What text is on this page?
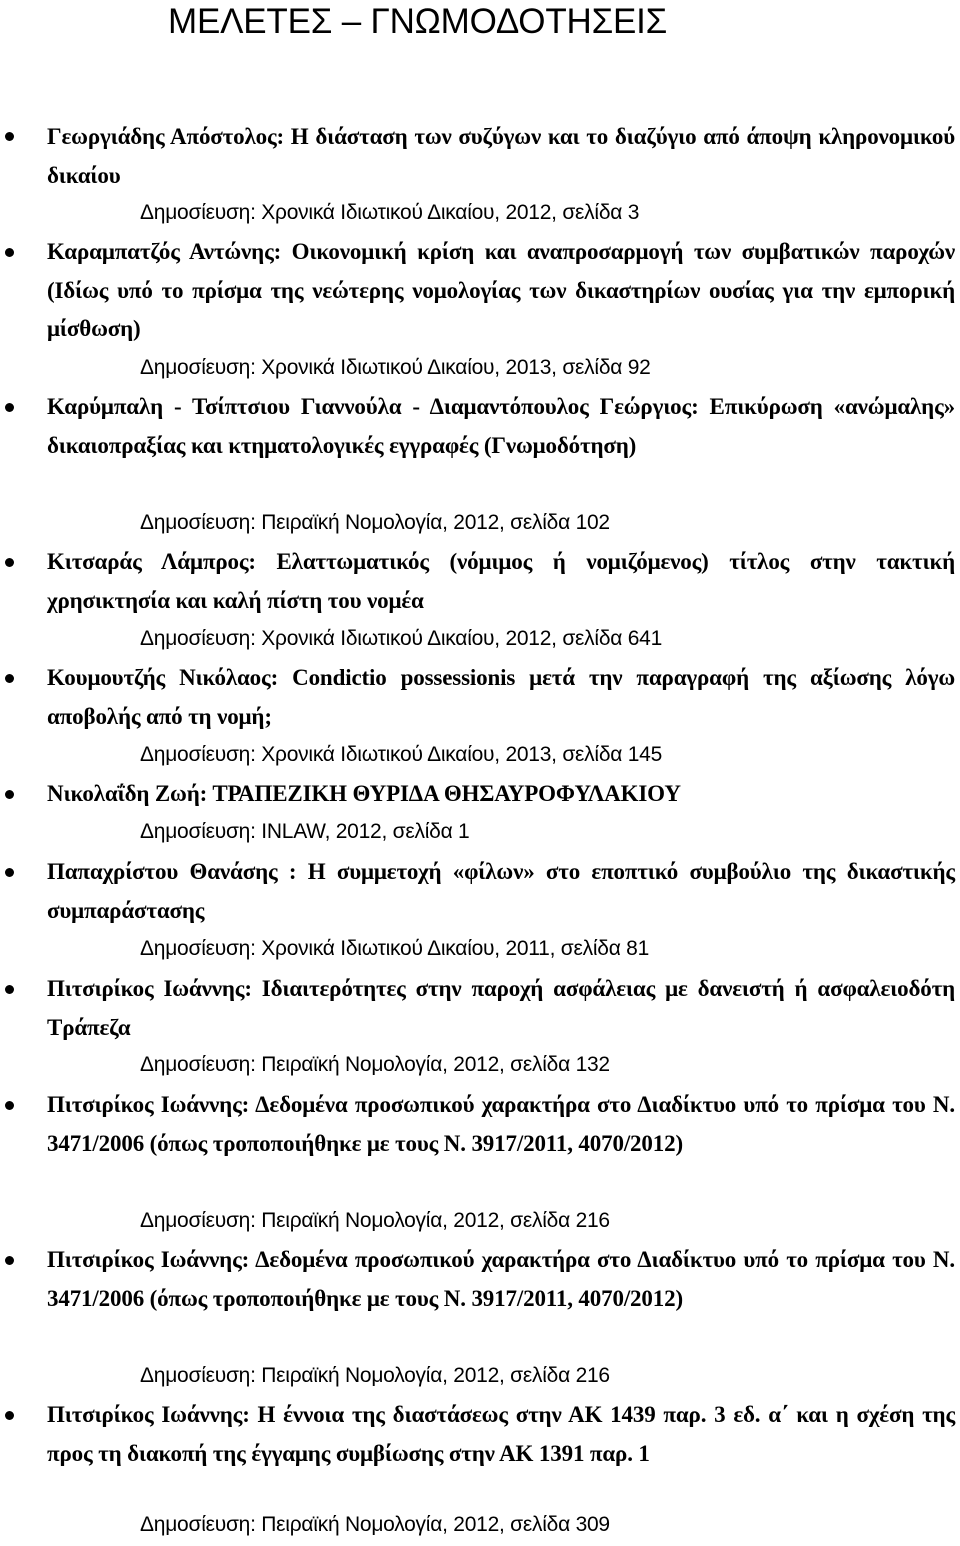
ΜΕΛΕΤΕΣ – ΓΝΩΜΟΔΟΤΗΣΕΙΣ

Γεωργιάδης Απόστολος: Η διάσταση των συζύγων και το διαζύγιο από άποψη κληρονομικού δικαίου

Δημοσίευση: Χρονικά Ιδιωτικού Δικαίου, 2012, σελίδα 3

Καραμπατζός Αντώνης: Οικονομική κρίση και αναπροσαρμογή των συμβατικών παροχών (Ιδίως υπό το πρίσμα της νεώτερης νομολογίας των δικαστηρίων ουσίας για την εμπορική μίσθωση)

Δημοσίευση: Χρονικά Ιδιωτικού Δικαίου, 2013, σελίδα 92

Καρύμπαλη - Τσίπτσιου Γιαννούλα - Διαμαντόπουλος Γεώργιος: Επικύρωση «ανώμαλης» δικαιοπραξίας και κτηματολογικές εγγραφές (Γνωμοδότηση)

Δημοσίευση: Πειραϊκή Νομολογία, 2012, σελίδα 102

Κιτσαράς Λάμπρος: Ελαττωματικός (νόμιμος ή νομιζόμενος) τίτλος στην τακτική χρησικτησία και καλή πίστη του νομέα

Δημοσίευση: Χρονικά Ιδιωτικού Δικαίου, 2012, σελίδα 641

Κουμουτζής Νικόλαος: Condictio possessionis μετά την παραγραφή της αξίωσης λόγω αποβολής από τη νομή;

Δημοσίευση: Χρονικά Ιδιωτικού Δικαίου, 2013, σελίδα 145

Νικολαΐδη Ζωή: ΤΡΑΠΕΖΙΚΗ ΘΥΡΙΔΑ ΘΗΣΑΥΡΟΦΥΛΑΚΙΟΥ

Δημοσίευση: INLAW, 2012, σελίδα 1

Παπαχρίστου Θανάσης : Η συμμετοχή «φίλων» στο εποπτικό συμβούλιο της δικαστικής συμπαράστασης

Δημοσίευση: Χρονικά Ιδιωτικού Δικαίου, 2011, σελίδα 81

Πιτσιρίκος Ιωάννης: Ιδιαιτερότητες στην παροχή ασφάλειας με δανειστή ή ασφαλειοδότη Τράπεζα

Δημοσίευση: Πειραϊκή Νομολογία, 2012, σελίδα 132

Πιτσιρίκος Ιωάννης: Δεδομένα προσωπικού χαρακτήρα στο Διαδίκτυο υπό το πρίσμα του Ν. 3471/2006 (όπως τροποποιήθηκε με τους Ν. 3917/2011, 4070/2012)

Δημοσίευση: Πειραϊκή Νομολογία, 2012, σελίδα 216

Πιτσιρίκος Ιωάννης: Δεδομένα προσωπικού χαρακτήρα στο Διαδίκτυο υπό το πρίσμα του Ν. 3471/2006 (όπως τροποποιήθηκε με τους Ν. 3917/2011, 4070/2012)

Δημοσίευση: Πειραϊκή Νομολογία, 2012, σελίδα 216

Πιτσιρίκος Ιωάννης: Η έννοια της διαστάσεως στην ΑΚ 1439 παρ. 3 εδ. α΄ και η σχέση της προς τη διακοπή της έγγαμης συμβίωσης στην ΑΚ 1391 παρ. 1

Δημοσίευση: Πειραϊκή Νομολογία, 2012, σελίδα 309
